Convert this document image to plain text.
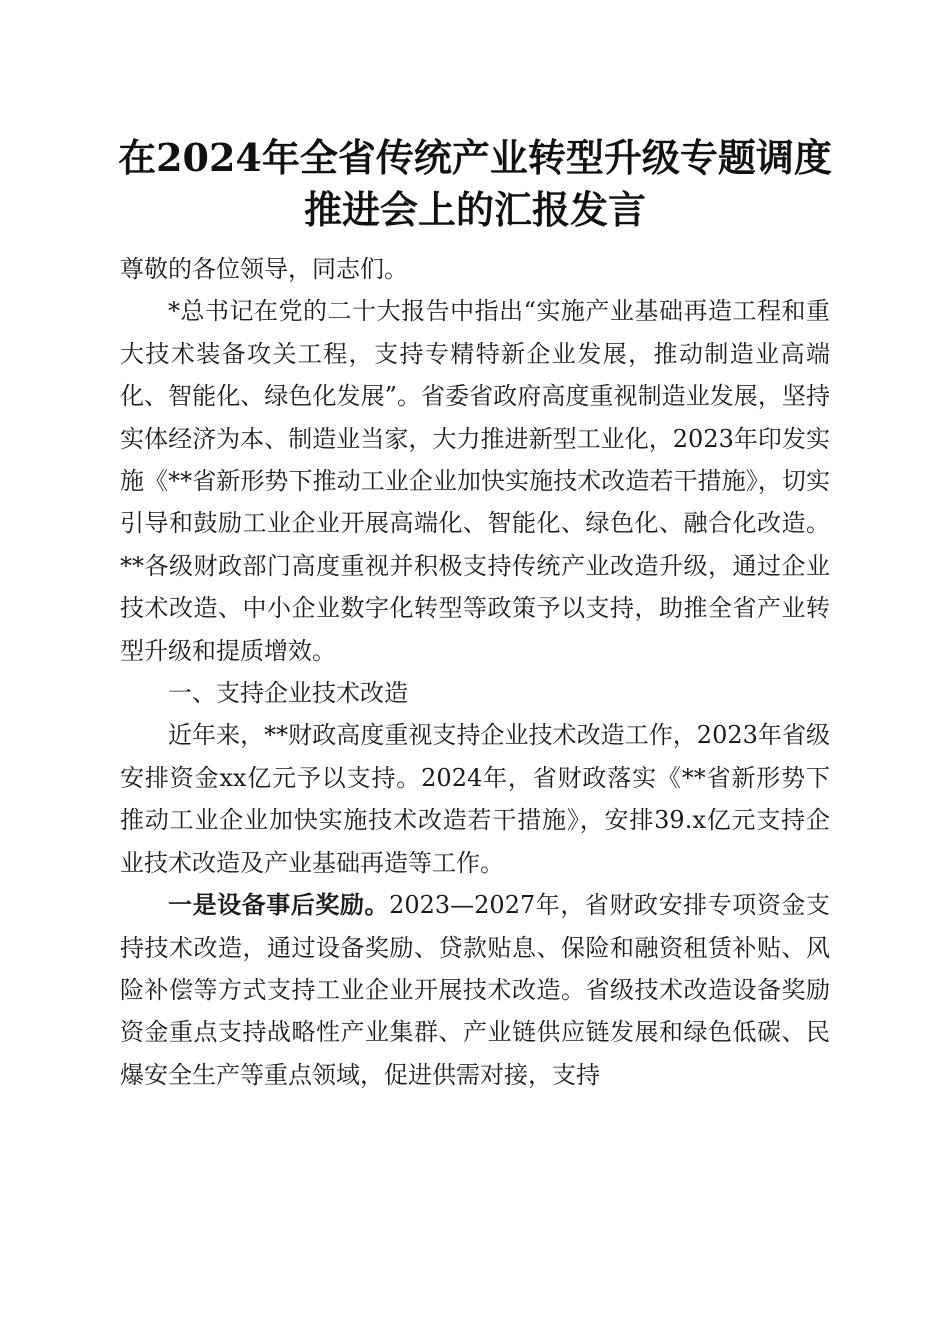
在2024年全省传统产业转型升级专题调度推进会上的汇报发言

尊敬的各位领导，同志们。

*总书记在党的二十大报告中指出“实施产业基础再造工程和重大技术装备攻关工程，支持专精特新企业发展，推动制造业高端化、智能化、绿色化发展”。省委省政府高度重视制造业发展，坚持实体经济为本、制造业当家，大力推进新型工业化，2023年印发实施《**省新形势下推动工业企业加快实施技术改造若干措施》，切实引导和鼓励工业企业开展高端化、智能化、绿色化、融合化改造。**各级财政部门高度重视并积极支持传统产业改造升级，通过企业技术改造、中小企业数字化转型等政策予以支持，助推全省产业转型升级和提质增效。

一、支持企业技术改造

近年来，**财政高度重视支持企业技术改造工作，2023年省级安排资金xx亿元予以支持。2024年，省财政落实《**省新形势下推动工业企业加快实施技术改造若干措施》，安排39.x亿元支持企业技术改造及产业基础再造等工作。

一是设备事后奖励。2023—2027年，省财政安排专项资金支持技术改造，通过设备奖励、贷款贴息、保险和融资租赁补贴、风险补偿等方式支持工业企业开展技术改造。省级技术改造设备奖励资金重点支持战略性产业集群、产业链供应链发展和绿色低碳、民爆安全生产等重点领域，促进供需对接，支持
